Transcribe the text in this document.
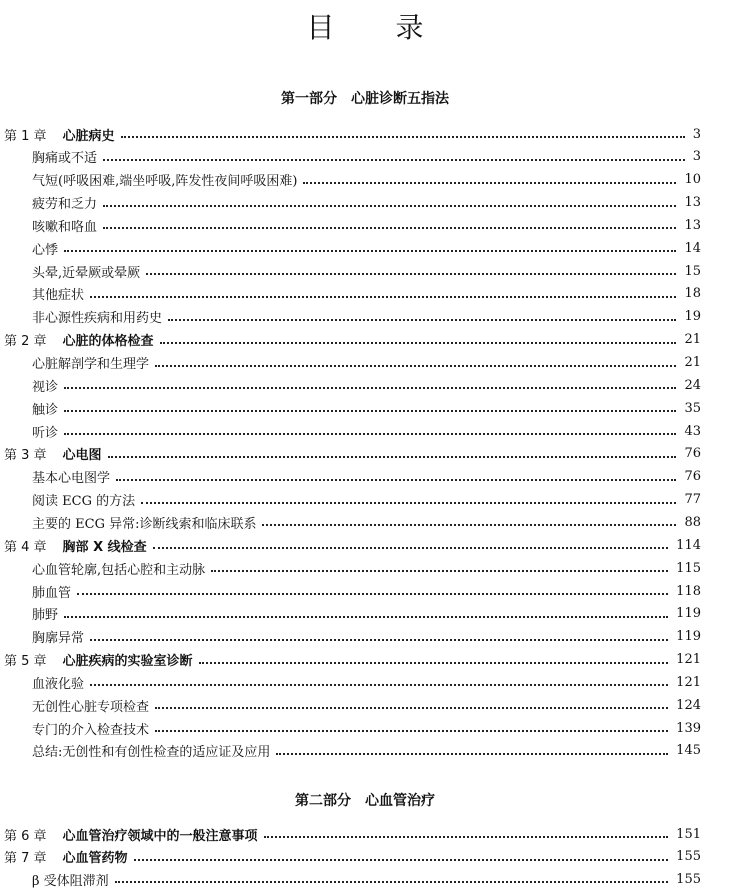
目 录
第一部分　心脏诊断五指法
第 1 章 心脏病史	3
胸痛或不适	3
气短(呼吸困难,端坐呼吸,阵发性夜间呼吸困难)	10
疲劳和乏力	13
咳嗽和咯血	13
心悸	14
头晕,近晕厥或晕厥	15
其他症状	18
非心源性疾病和用药史	19
第 2 章 心脏的体格检查	21
心脏解剖学和生理学	21
视诊	24
触诊	35
听诊	43
第 3 章 心电图	76
基本心电图学	76
阅读 ECG 的方法	77
主要的 ECG 异常:诊断线索和临床联系	88
第 4 章 胸部 X 线检查	114
心血管轮廓,包括心腔和主动脉	115
肺血管	118
肺野	119
胸廓异常	119
第 5 章 心脏疾病的实验室诊断	121
血液化验	121
无创性心脏专项检查	124
专门的介入检查技术	139
总结:无创性和有创性检查的适应证及应用	145
第二部分　心血管治疗
第 6 章 心血管治疗领域中的一般注意事项	151
第 7 章 心血管药物	155
β 受体阻滞剂	155
